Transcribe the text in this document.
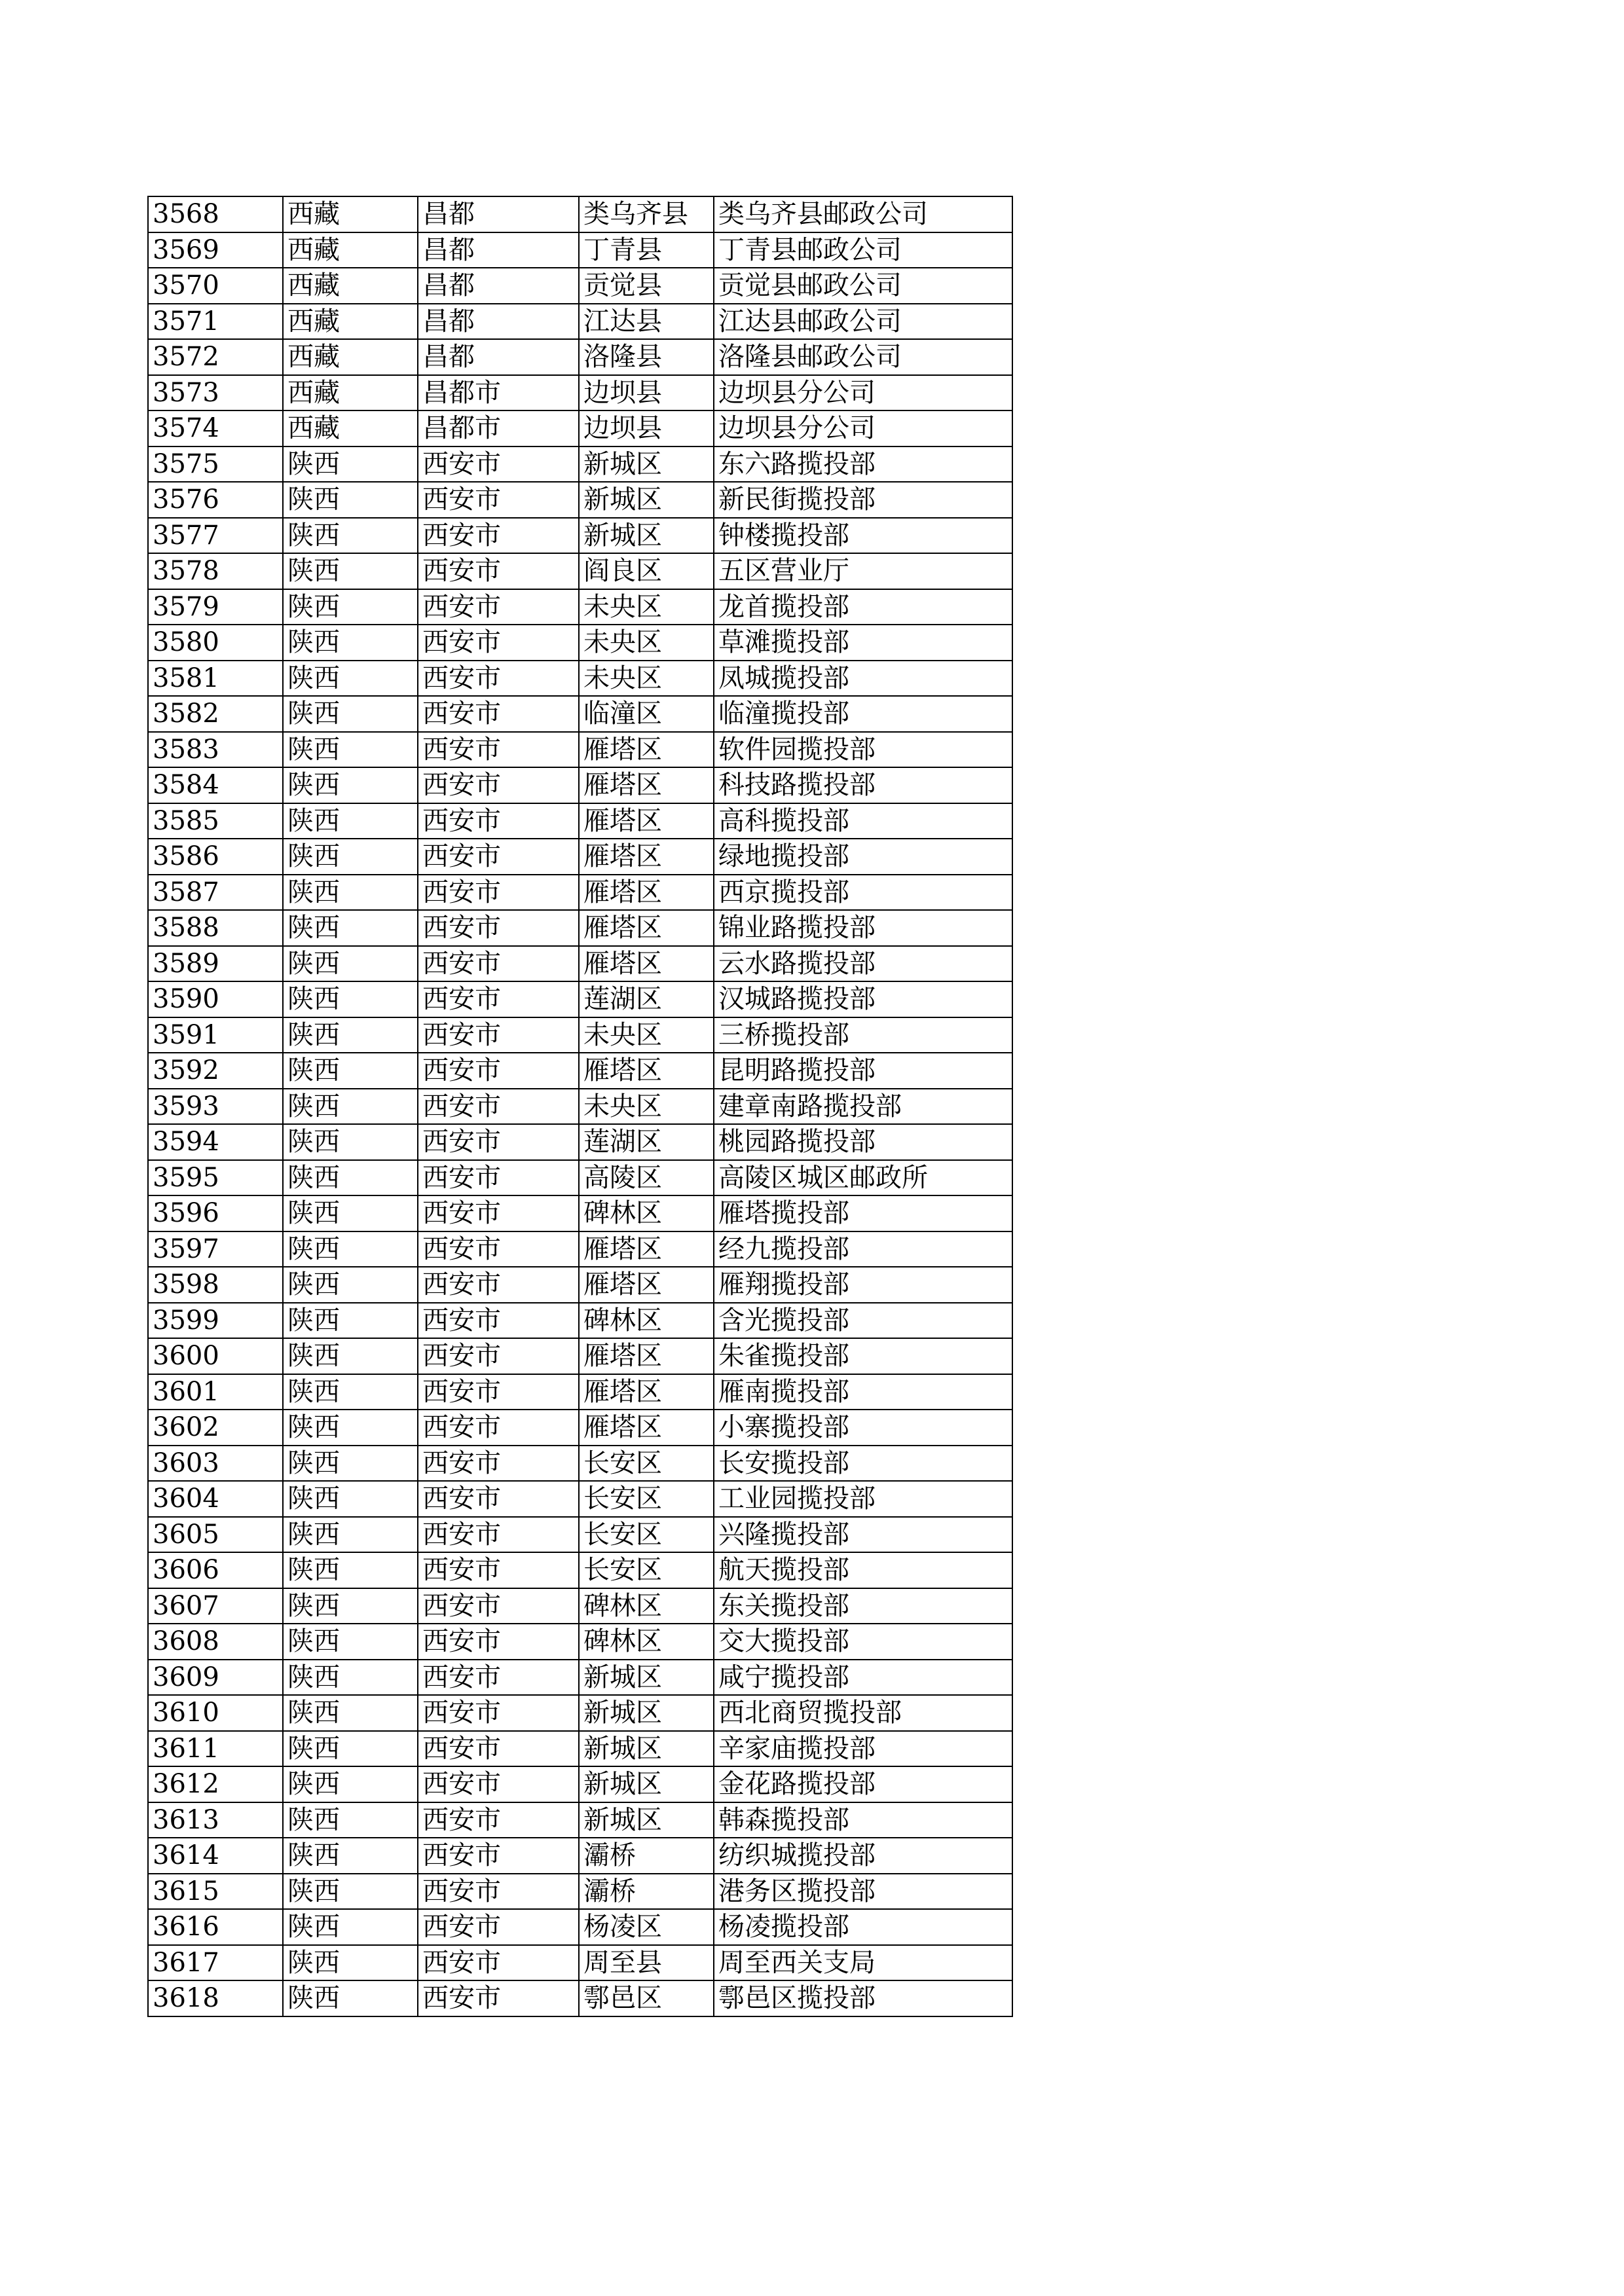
3568	西藏	昌都	类乌齐县	类乌齐县邮政公司
3569	西藏	昌都	丁青县	丁青县邮政公司
3570	西藏	昌都	贡觉县	贡觉县邮政公司
3571	西藏	昌都	江达县	江达县邮政公司
3572	西藏	昌都	洛隆县	洛隆县邮政公司
3573	西藏	昌都市	边坝县	边坝县分公司
3574	西藏	昌都市	边坝县	边坝县分公司
3575	陕西	西安市	新城区	东六路揽投部
3576	陕西	西安市	新城区	新民街揽投部
3577	陕西	西安市	新城区	钟楼揽投部
3578	陕西	西安市	阎良区	五区营业厅
3579	陕西	西安市	未央区	龙首揽投部
3580	陕西	西安市	未央区	草滩揽投部
3581	陕西	西安市	未央区	凤城揽投部
3582	陕西	西安市	临潼区	临潼揽投部
3583	陕西	西安市	雁塔区	软件园揽投部
3584	陕西	西安市	雁塔区	科技路揽投部
3585	陕西	西安市	雁塔区	高科揽投部
3586	陕西	西安市	雁塔区	绿地揽投部
3587	陕西	西安市	雁塔区	西京揽投部
3588	陕西	西安市	雁塔区	锦业路揽投部
3589	陕西	西安市	雁塔区	云水路揽投部
3590	陕西	西安市	莲湖区	汉城路揽投部
3591	陕西	西安市	未央区	三桥揽投部
3592	陕西	西安市	雁塔区	昆明路揽投部
3593	陕西	西安市	未央区	建章南路揽投部
3594	陕西	西安市	莲湖区	桃园路揽投部
3595	陕西	西安市	高陵区	高陵区城区邮政所
3596	陕西	西安市	碑林区	雁塔揽投部
3597	陕西	西安市	雁塔区	经九揽投部
3598	陕西	西安市	雁塔区	雁翔揽投部
3599	陕西	西安市	碑林区	含光揽投部
3600	陕西	西安市	雁塔区	朱雀揽投部
3601	陕西	西安市	雁塔区	雁南揽投部
3602	陕西	西安市	雁塔区	小寨揽投部
3603	陕西	西安市	长安区	长安揽投部
3604	陕西	西安市	长安区	工业园揽投部
3605	陕西	西安市	长安区	兴隆揽投部
3606	陕西	西安市	长安区	航天揽投部
3607	陕西	西安市	碑林区	东关揽投部
3608	陕西	西安市	碑林区	交大揽投部
3609	陕西	西安市	新城区	咸宁揽投部
3610	陕西	西安市	新城区	西北商贸揽投部
3611	陕西	西安市	新城区	辛家庙揽投部
3612	陕西	西安市	新城区	金花路揽投部
3613	陕西	西安市	新城区	韩森揽投部
3614	陕西	西安市	灞桥	纺织城揽投部
3615	陕西	西安市	灞桥	港务区揽投部
3616	陕西	西安市	杨凌区	杨凌揽投部
3617	陕西	西安市	周至县	周至西关支局
3618	陕西	西安市	鄠邑区	鄠邑区揽投部
